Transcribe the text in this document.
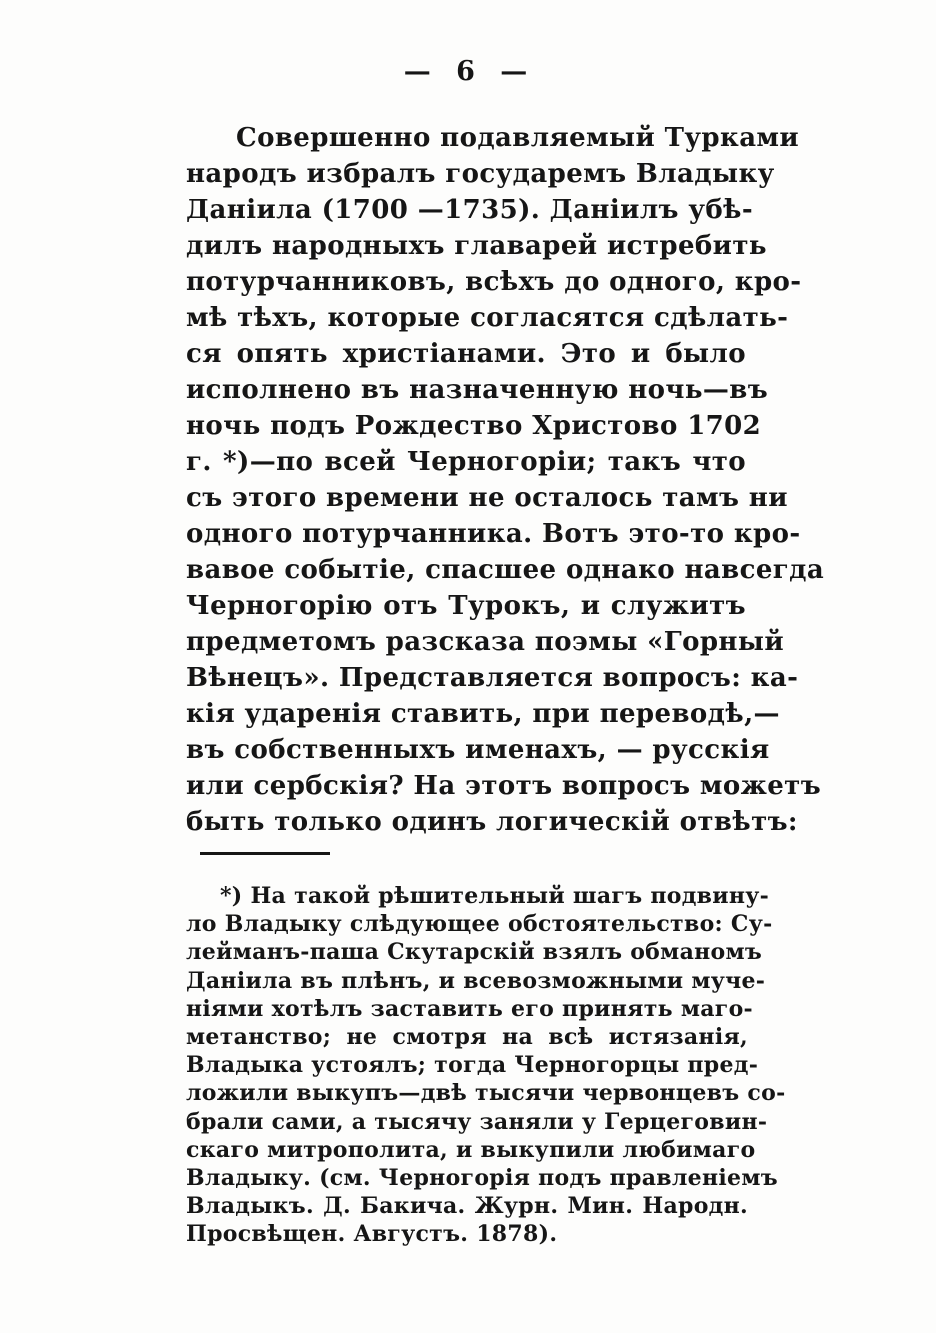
— 6 —
Совершенно подавляемый Турками
народъ избралъ государемъ Владыку
Даніила (1700 —1735). Даніилъ убѣ-
дилъ народныхъ главарей истребить
потурчанниковъ, всѣхъ до одного, кро-
мѣ тѣхъ, которые согласятся сдѣлать-
ся опять христіанами. Это и было
исполнено въ назначенную ночь—въ
ночь подъ Рождество Христово 1702
г. *)—по всей Черногоріи; такъ что
съ этого времени не осталось тамъ ни
одного потурчанника. Вотъ это-то кро-
вавое событіе, спасшее однако навсегда
Черногорію отъ Турокъ, и служитъ
предметомъ разсказа поэмы «Горный
Вѣнецъ». Представляется вопросъ: ка-
кія ударенія ставить, при переводѣ,—
въ собственныхъ именахъ, — русскія
или сербскія? На этотъ вопросъ можетъ
быть только одинъ логическій отвѣтъ:
*) На такой рѣшительный шагъ подвину-
ло Владыку слѣдующее обстоятельство: Су-
лейманъ-паша Скутарскій взялъ обманомъ
Даніила въ плѣнъ, и всевозможными муче-
ніями хотѣлъ заставить его принять маго-
метанство; не смотря на всѣ истязанія,
Владыка устоялъ; тогда Черногорцы пред-
ложили выкупъ—двѣ тысячи червонцевъ со-
брали сами, а тысячу заняли у Герцеговин-
скаго митрополита, и выкупили любимаго
Владыку. (см. Черногорія подъ правленіемъ
Владыкъ. Д. Бакича. Журн. Мин. Народн.
Просвѣщен. Августъ. 1878).
